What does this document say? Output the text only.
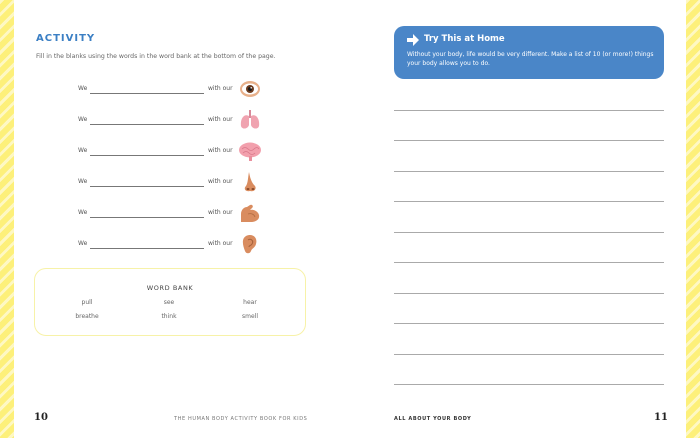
ACTIVITY
Fill in the blanks using the words in the word bank at the bottom of the page.
We	with our
We	with our
We	with our
We	with our
We	with our
We	with our
WORD BANK
pull	see	hear
breathe	think	smell
10	THE HUMAN BODY ACTIVITY BOOK FOR KIDS
Try This at Home
Without your body, life would be very different. Make a list of 10 (or more!) things your body allows you to do.
ALL ABOUT YOUR BODY	11
